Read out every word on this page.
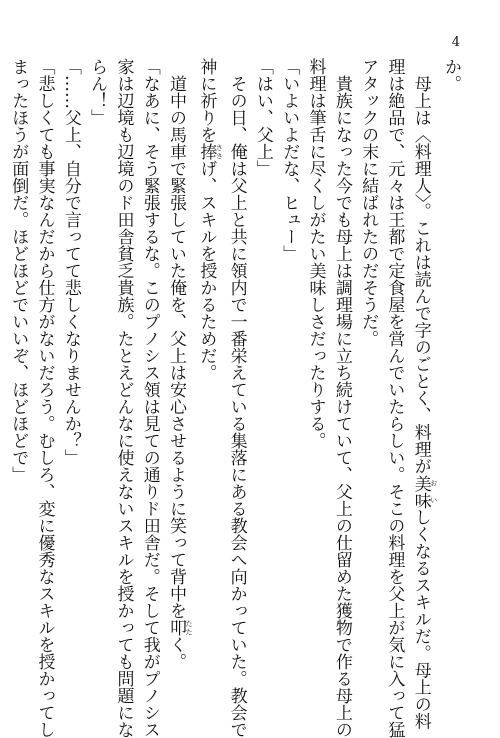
4

か。

　母上は〈料理人〉。これは読んで字のごとく、料理が美 お味 いしくなるスキルだ。母上の料

理は絶品で、元々は王都で定食屋を営んでいたらしい。そこの料理を父上が気に入って猛

アタックの末に結ばれたのだそうだ。

　貴族になった今でも母上は調理場に立ち続けていて、父上の仕留めた獲物で作る母上の

料理は筆舌に尽くしがたい美味しさだったりする。

「いよいよだな、ヒュー」

「はい、父上」

　その日、俺は父上と共に領内で一番栄えている集落にある教会へ向かっていた。教会で

神に祈りを捧 ささげ、スキルを授かるためだ。

　道中の馬車で緊張していた俺を、父上は安心させるように笑って背中を叩 たたく。

「なあに、そう緊張するな。このプノシス領は見ての通りド田舎だ。そして我がプノシス

家は辺境も辺境のド田舎貧乏貴族。たとえどんなに使えないスキルを授かっても問題にな

らん！」

「……父上、自分で言ってて悲しくなりませんか？」

「悲しくても事実なんだから仕方がないだろう。むしろ、変に優秀なスキルを授かってし

まったほうが面倒だ。ほどほどでいいぞ、ほどほどで」
